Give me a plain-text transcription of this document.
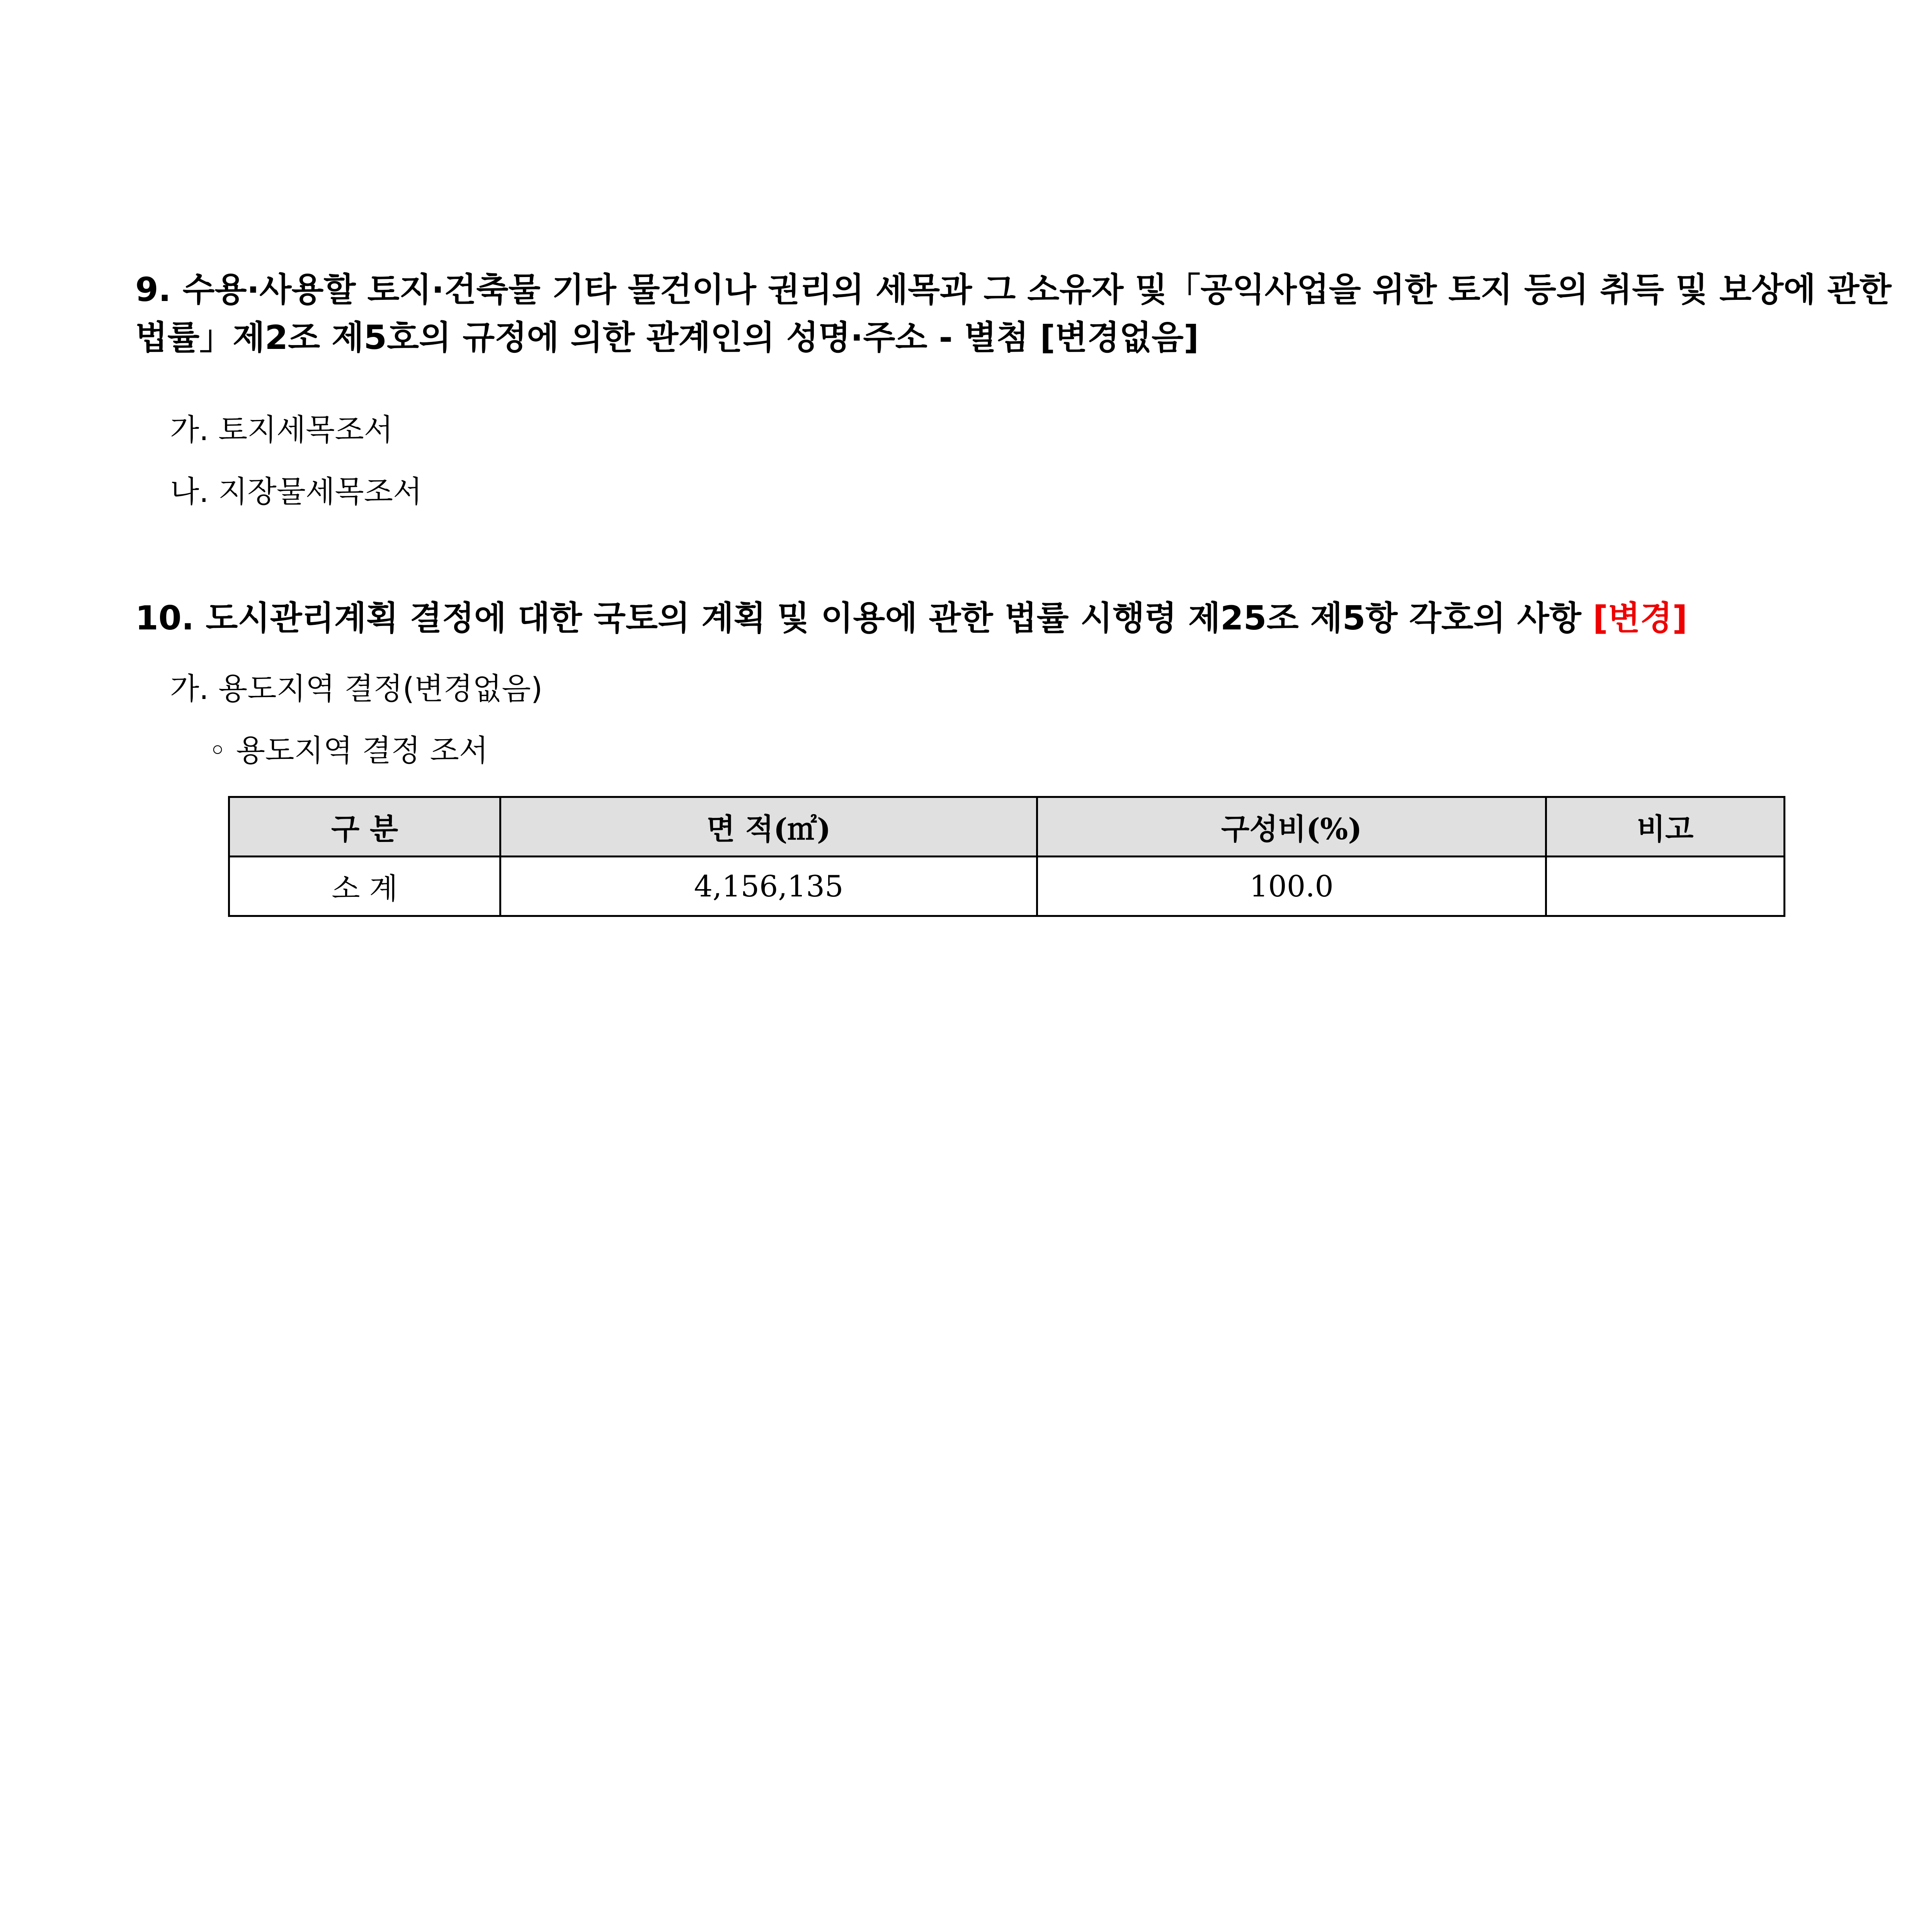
9. 수용·사용할 토지·건축물 기타 물건이나 권리의 세목과 그 소유자 및「공익사업을 위한 토지 등의 취득 및 보상에 관한 법률」제2조 제5호의 규정에 의한 관계인의 성명·주소 - 별첨 [변경없음]
가. 토지세목조서
나. 지장물세목조서
10. 도시관리계획 결정에 대한 국토의 계획 및 이용에 관한 법률 시행령 제25조 제5항 각호의 사항 [변경]
가. 용도지역 결정(변경없음)
◦ 용도지역 결정 조서
구 분	면 적(㎡)	구성비(%)	비고
소 계	4,156,135	100.0	
